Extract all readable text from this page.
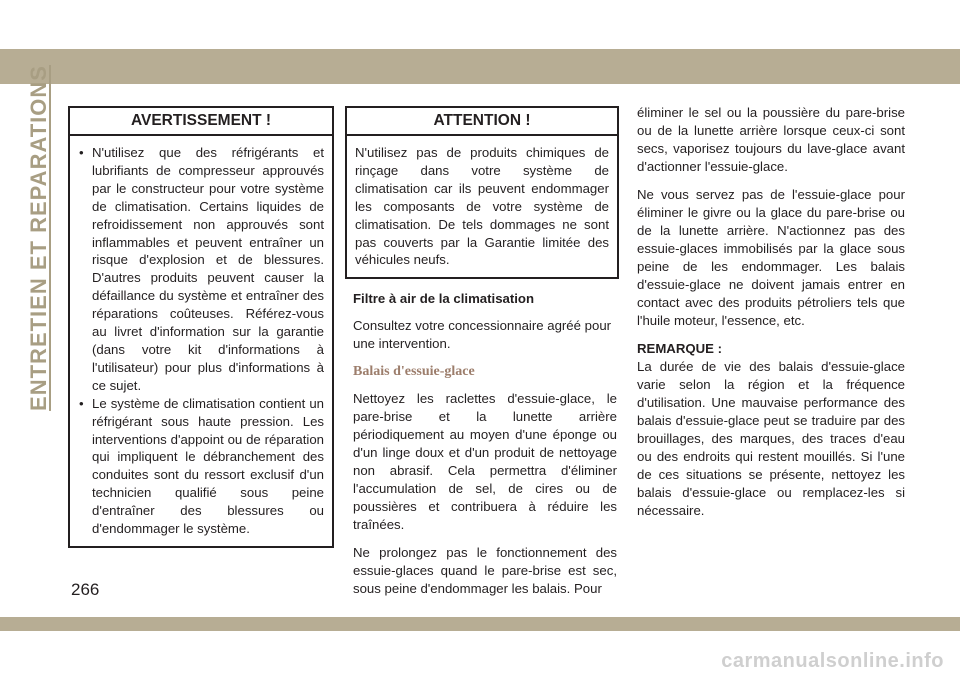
ENTRETIEN ET REPARATIONS	AVERTISSEMENT !
• N'utilisez que des réfrigérants et lubrifiants de compresseur approuvés par le constructeur pour votre système de climatisation. Certains liquides de refroidissement non approuvés sont inflammables et peuvent entraîner un risque d'explosion et de blessures. D'autres produits peuvent causer la défaillance du système et entraîner des réparations coûteuses. Référez-vous au livret d'information sur la garantie (dans votre kit d'informations à l'utilisateur) pour plus d'informations à ce sujet.
• Le système de climatisation contient un réfrigérant sous haute pression. Les interventions d'appoint ou de réparation qui impliquent le débranchement des conduites sont du ressort exclusif d'un technicien qualifié sous peine d'entraîner des blessures ou d'endommager le système.
ATTENTION !
N'utilisez pas de produits chimiques de rinçage dans votre système de climatisation car ils peuvent endommager les composants de votre système de climatisation. De tels dommages ne sont pas couverts par la Garantie limitée des véhicules neufs.
Filtre à air de la climatisation

Consultez votre concessionnaire agréé pour une intervention.

Balais d'essuie-glace

Nettoyez les raclettes d'essuie-glace, le pare-brise et la lunette arrière périodiquement au moyen d'une éponge ou d'un linge doux et d'un produit de nettoyage non abrasif. Cela permettra d'éliminer l'accumulation de sel, de cires ou de poussières et contribuera à réduire les traînées.

Ne prolongez pas le fonctionnement des essuie-glaces quand le pare-brise est sec, sous peine d'endommager les balais. Pour

éliminer le sel ou la poussière du pare-brise ou de la lunette arrière lorsque ceux-ci sont secs, vaporisez toujours du lave-glace avant d'actionner l'essuie-glace.

Ne vous servez pas de l'essuie-glace pour éliminer le givre ou la glace du pare-brise ou de la lunette arrière. N'actionnez pas des essuie-glaces immobilisés par la glace sous peine de les endommager. Les balais d'essuie-glace ne doivent jamais entrer en contact avec des produits pétroliers tels que l'huile moteur, l'essence, etc.

REMARQUE :

La durée de vie des balais d'essuie-glace varie selon la région et la fréquence d'utilisation. Une mauvaise performance des balais d'essuie-glace peut se traduire par des brouillages, des marques, des traces d'eau ou des endroits qui restent mouillés. Si l'une de ces situations se présente, nettoyez les balais d'essuie-glace ou remplacez-les si nécessaire.

266
carmanualsonline.info
